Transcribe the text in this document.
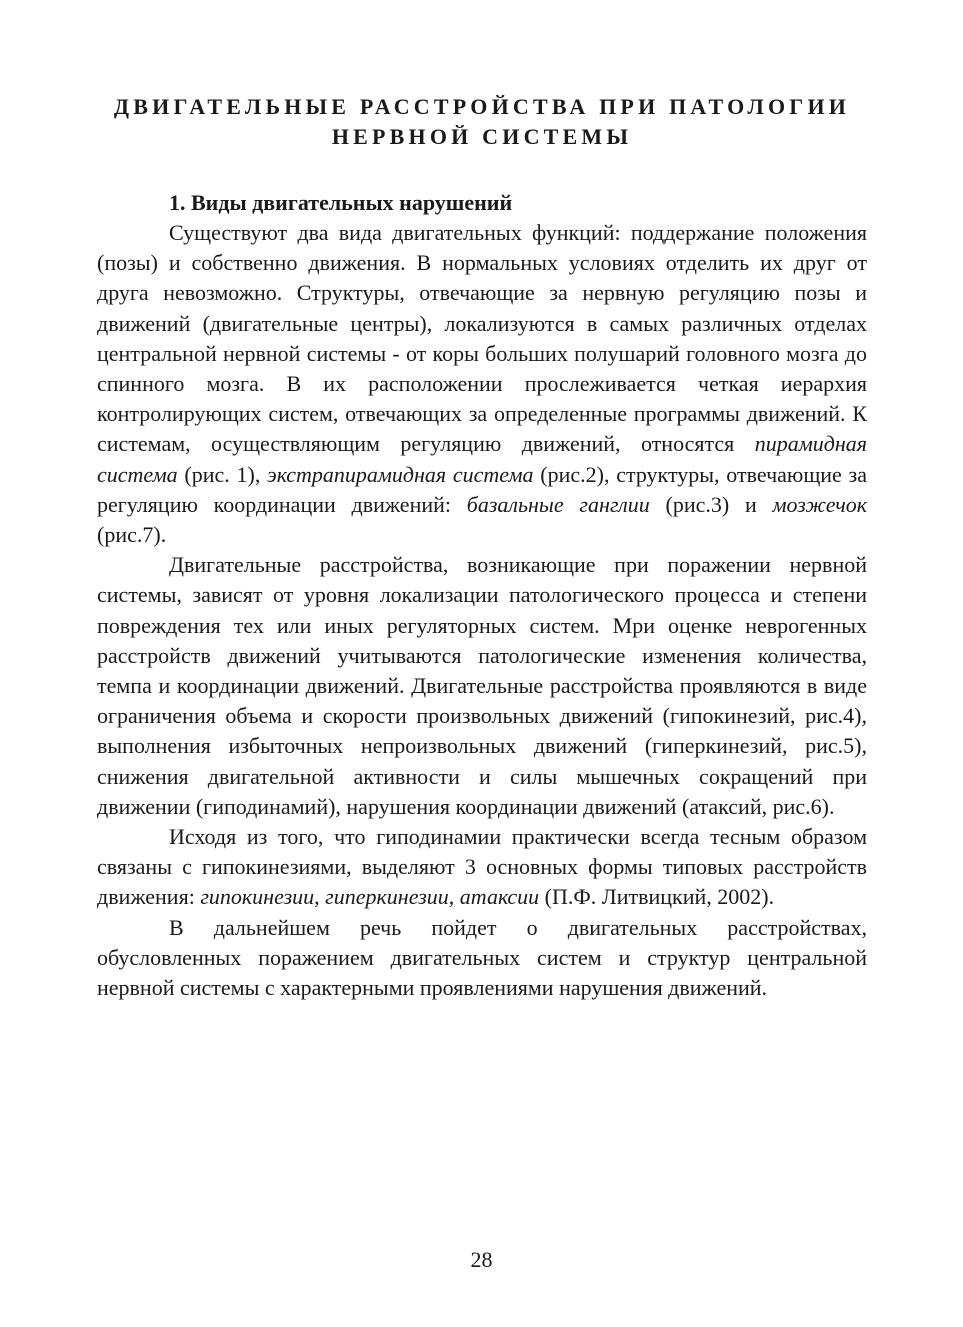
ДВИГАТЕЛЬНЫЕ РАССТРОЙСТВА ПРИ ПАТОЛОГИИ
НЕРВНОЙ СИСТЕМЫ
1. Виды двигательных нарушений

Существуют два вида двигательных функций: поддержание положения (позы) и собственно движения. В нормальных условиях отделить их друг от друга невозможно. Структуры, отвечающие за нервную регуляцию позы и движений (двигательные центры), локализуются в самых различных отделах центральной нервной системы - от коры больших полушарий головного мозга до спинного мозга. В их расположении прослеживается четкая иерархия контролирующих систем, отвечающих за определенные программы движений. К системам, осуществляющим регуляцию движений, относятся пирамидная система (рис. 1), экстрапирамидная система (рис.2), структуры, отвечающие за регуляцию координации движений: базальные ганглии (рис.3) и мозжечок (рис.7).

Двигательные расстройства, возникающие при поражении нервной системы, зависят от уровня локализации патологического процесса и степени повреждения тех или иных регуляторных систем. Мри оценке неврогенных расстройств движений учитываются патологические изменения количества, темпа и координации движений. Двигательные расстройства проявляются в виде ограничения объема и скорости произвольных движений (гипокинезий, рис.4), выполнения избыточных непроизвольных движений (гиперкинезий, рис.5), снижения двигательной активности и силы мышечных сокращений при движении (гиподинамий), нарушения координации движений (атаксий, рис.6).

Исходя из того, что гиподинамии практически всегда тесным образом связаны с гипокинезиями, выделяют 3 основных формы типовых расстройств движения: гипокинезии, гиперкинезии, атаксии (П.Ф. Литвицкий, 2002).

В дальнейшем речь пойдет о двигательных расстройствах, обусловленных поражением двигательных систем и структур центральной нервной системы с характерными проявлениями нарушения движений.

28
